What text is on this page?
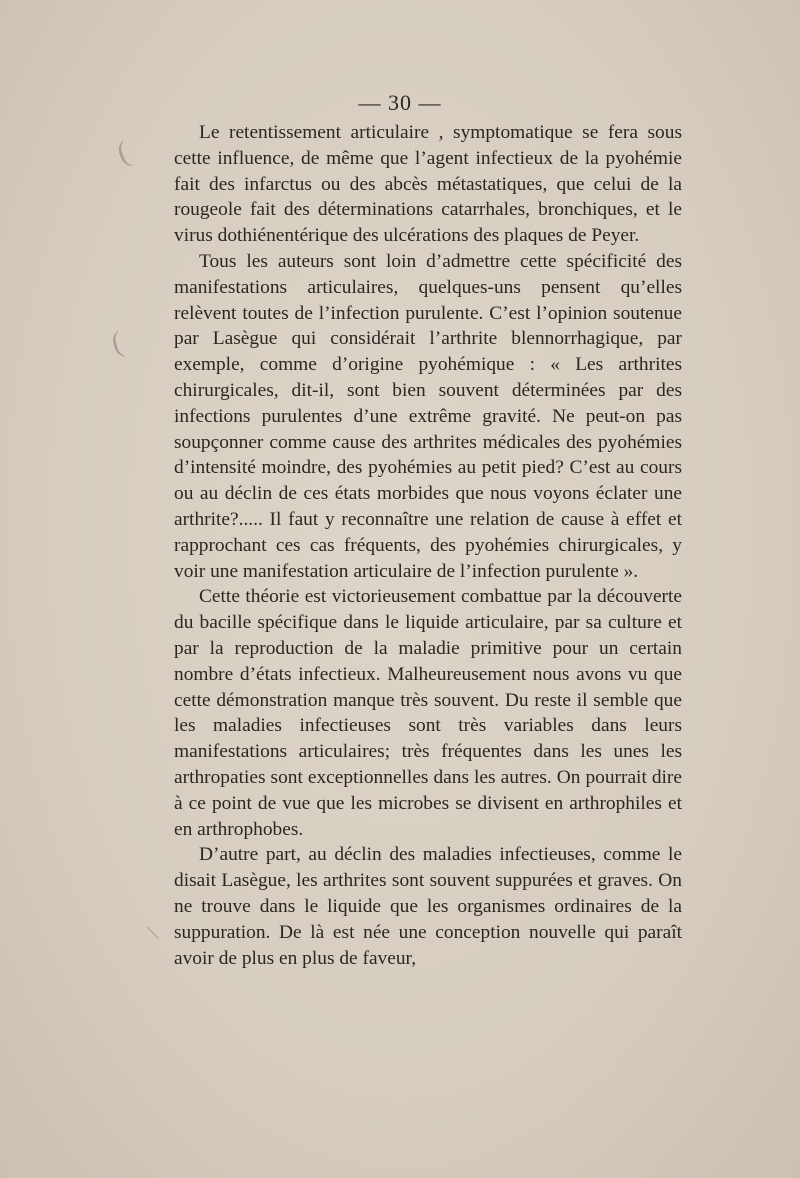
— 30 —
(
(
\

Le retentissement articulaire , symptomatique se fera sous cette influence, de même que l’agent infectieux de la pyohémie fait des infarctus ou des abcès métastatiques, que celui de la rougeole fait des déterminations catarrhales, bronchiques, et le virus dothiénentérique des ulcérations des plaques de Peyer.

Tous les auteurs sont loin d’admettre cette spécificité des manifestations articulaires, quelques-uns pensent qu’elles relèvent toutes de l’infection purulente. C’est l’opinion soutenue par Lasègue qui considérait l’arthrite blennorrhagique, par exemple, comme d’origine pyohémique : « Les arthrites chirurgicales, dit-il, sont bien souvent déterminées par des infections purulentes d’une extrême gravité. Ne peut-on pas soupçonner comme cause des arthrites médicales des pyohémies d’intensité moindre, des pyohémies au petit pied? C’est au cours ou au déclin de ces états morbides que nous voyons éclater une arthrite?..... Il faut y reconnaître une relation de cause à effet et rapprochant ces cas fréquents, des pyohémies chirurgicales, y voir une manifestation articulaire de l’infection purulente ».

Cette théorie est victorieusement combattue par la découverte du bacille spécifique dans le liquide articulaire, par sa culture et par la reproduction de la maladie primitive pour un certain nombre d’états infectieux. Malheureusement nous avons vu que cette démonstration manque très souvent. Du reste il semble que les maladies infectieuses sont très variables dans leurs manifestations articulaires; très fréquentes dans les unes les arthropaties sont exceptionnelles dans les autres. On pourrait dire à ce point de vue que les microbes se divisent en arthrophiles et en arthrophobes.

D’autre part, au déclin des maladies infectieuses, comme le disait Lasègue, les arthrites sont souvent suppurées et graves. On ne trouve dans le liquide que les organismes ordinaires de la suppuration. De là est née une conception nouvelle qui paraît avoir de plus en plus de faveur,
